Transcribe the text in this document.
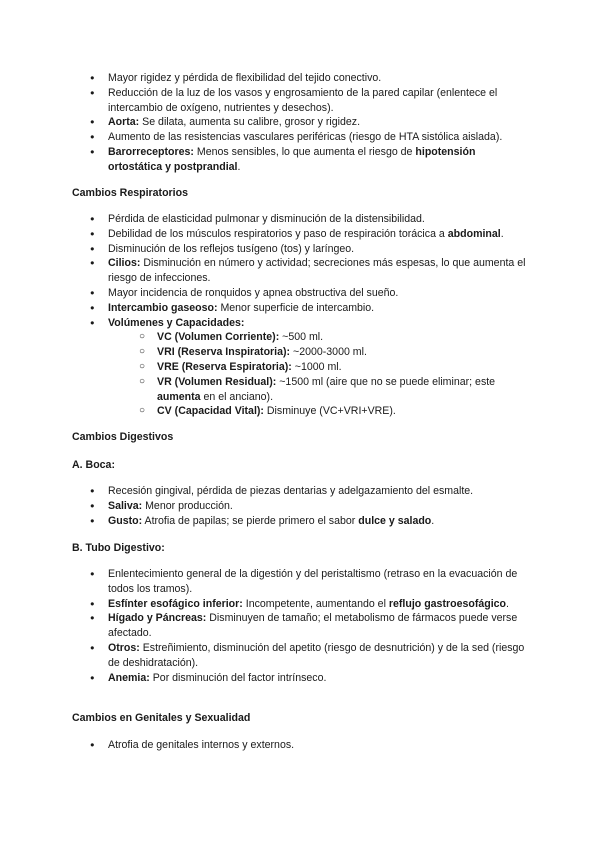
● Mayor rigidez y pérdida de flexibilidad del tejido conectivo.
● Reducción de la luz de los vasos y engrosamiento de la pared capilar (enlentece el intercambio de oxígeno, nutrientes y desechos).
● Aorta: Se dilata, aumenta su calibre, grosor y rigidez.
● Aumento de las resistencias vasculares periféricas (riesgo de HTA sistólica aislada).
● Barorreceptores: Menos sensibles, lo que aumenta el riesgo de hipotensión ortostática y postprandial.
Cambios Respiratorios
● Pérdida de elasticidad pulmonar y disminución de la distensibilidad.
● Debilidad de los músculos respiratorios y paso de respiración torácica a abdominal.
● Disminución de los reflejos tusígeno (tos) y laríngeo.
● Cilios: Disminución en número y actividad; secreciones más espesas, lo que aumenta el riesgo de infecciones.
● Mayor incidencia de ronquidos y apnea obstructiva del sueño.
● Intercambio gaseoso: Menor superficie de intercambio.
● Volúmenes y Capacidades:
○ VC (Volumen Corriente): ~500 ml.
○ VRI (Reserva Inspiratoria): ~2000-3000 ml.
○ VRE (Reserva Espiratoria): ~1000 ml.
○ VR (Volumen Residual): ~1500 ml (aire que no se puede eliminar; este aumenta en el anciano).
○ CV (Capacidad Vital): Disminuye (VC+VRI+VRE).
Cambios Digestivos
A. Boca:
● Recesión gingival, pérdida de piezas dentarias y adelgazamiento del esmalte.
● Saliva: Menor producción.
● Gusto: Atrofia de papilas; se pierde primero el sabor dulce y salado.
B. Tubo Digestivo:
● Enlentecimiento general de la digestión y del peristaltismo (retraso en la evacuación de todos los tramos).
● Esfínter esofágico inferior: Incompetente, aumentando el reflujo gastroesofágico.
● Hígado y Páncreas: Disminuyen de tamaño; el metabolismo de fármacos puede verse afectado.
● Otros: Estreñimiento, disminución del apetito (riesgo de desnutrición) y de la sed (riesgo de deshidratación).
● Anemia: Por disminución del factor intrínseco.
Cambios en Genitales y Sexualidad
● Atrofia de genitales internos y externos.
